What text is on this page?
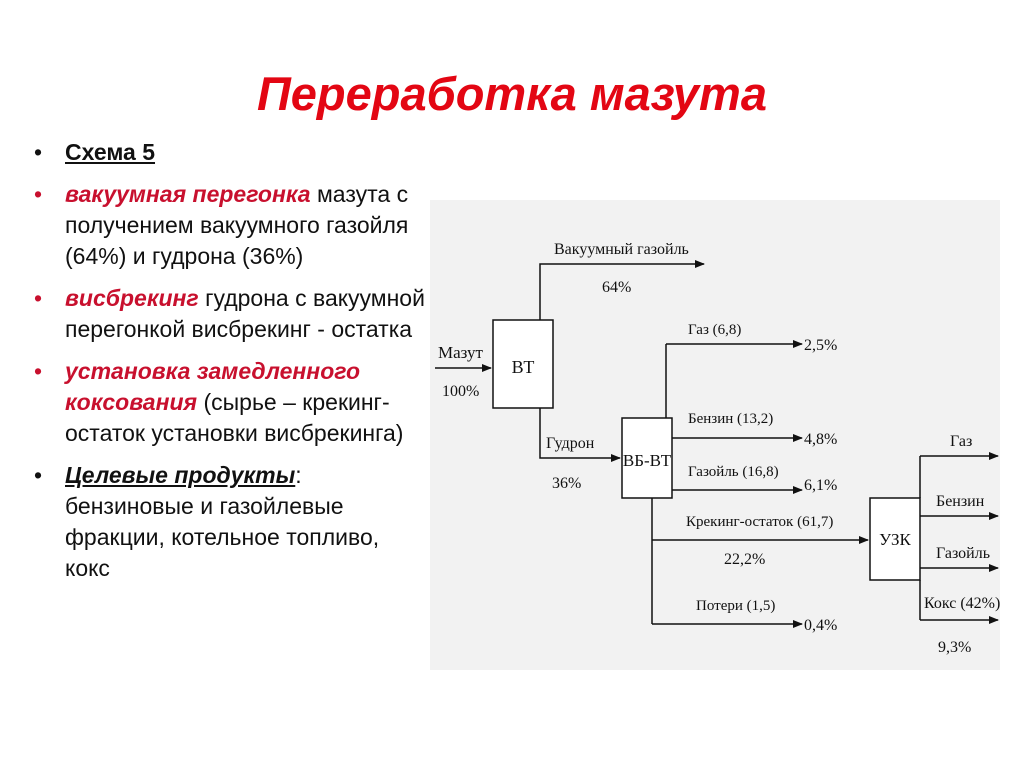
Переработка мазута
• Схема 5
• вакуумная перегонка мазута с получением вакуумного газойля (64%) и гудрона (36%)
• висбрекинг гудрона с вакуумной перегонкой висбрекинг - остатка
• установка замедленного коксования (сырье – крекинг-остаток установки висбрекинга)
• Целевые продукты: бензиновые и газойлевые фракции, котельное топливо, кокс
ВТ
ВБ-ВТ
УЗК
Мазут
100%
Вакуумный газойль
64%
Гудрон
36%
Газ (6,8)
2,5%
Бензин (13,2)
4,8%
Газойль (16,8)
6,1%
Крекинг-остаток (61,7)
22,2%
Потери (1,5)
0,4%
Газ
Бензин
Газойль
Кокс (42%)
9,3%
